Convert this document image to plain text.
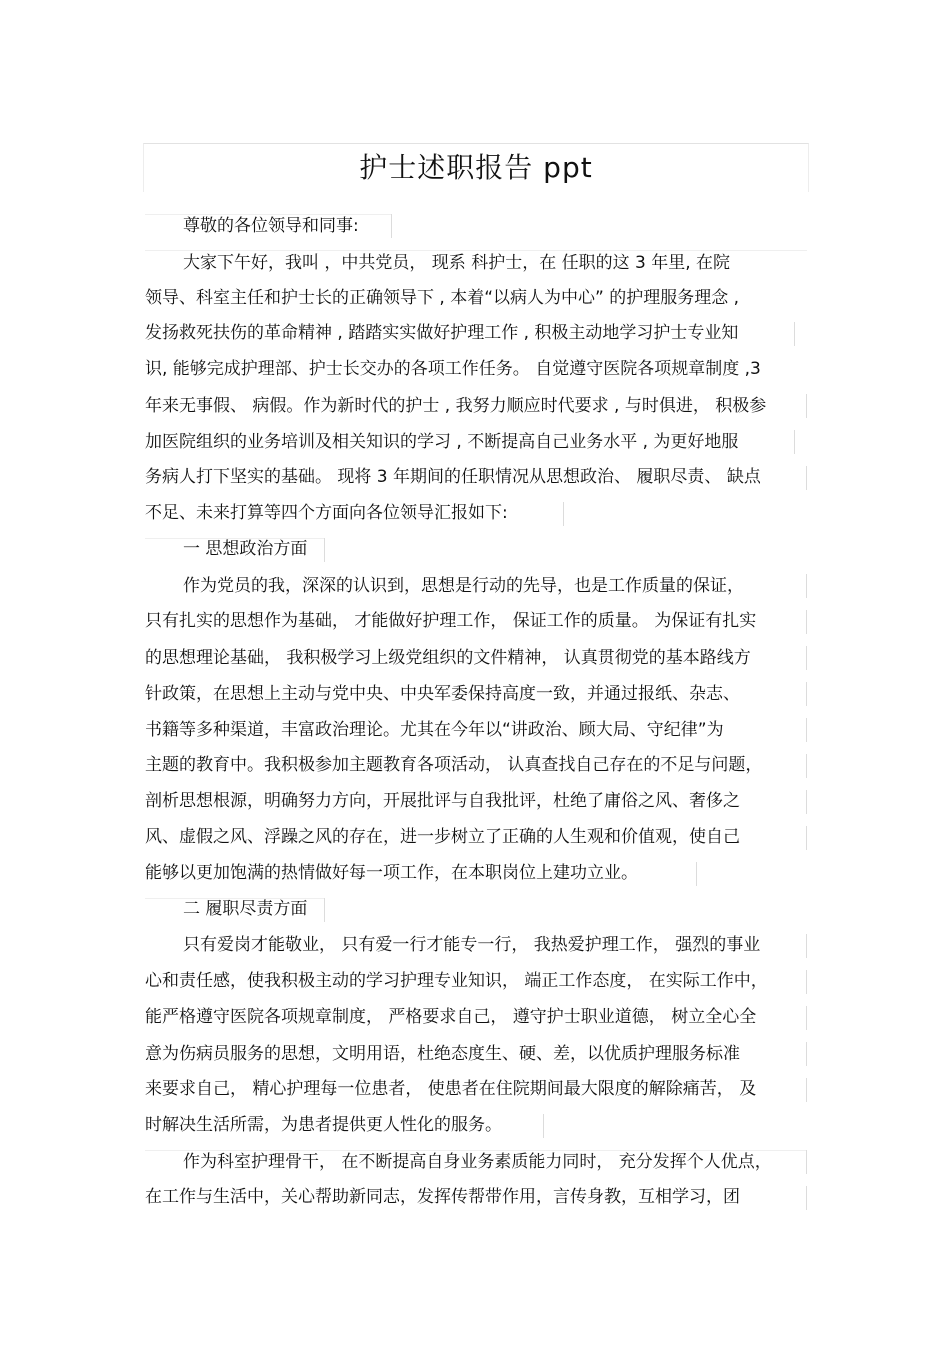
护士述职报告 ppt
尊敬的各位领导和同事:
大家下午好，我叫 ，中共党员， 现系 科护士，在 任职的这 3 年里, 在院
领导、科室主任和护士长的正确领导下 , 本着“以病人为中心” 的护理服务理念 ,
发扬救死扶伤的革命精神 , 踏踏实实做好护理工作 , 积极主动地学习护士专业知
识, 能够完成护理部、护士长交办的各项工作任务。 自觉遵守医院各项规章制度 ,3
年来无事假、 病假。作为新时代的护士 , 我努力顺应时代要求 , 与时俱进， 积极参
加医院组织的业务培训及相关知识的学习 , 不断提高自己业务水平 , 为更好地服
务病人打下坚实的基础。 现将 3 年期间的任职情况从思想政治、 履职尽责、 缺点
不足、未来打算等四个方面向各位领导汇报如下:
一 思想政治方面
作为党员的我，深深的认识到，思想是行动的先导，也是工作质量的保证，
只有扎实的思想作为基础， 才能做好护理工作， 保证工作的质量。 为保证有扎实
的思想理论基础， 我积极学习上级党组织的文件精神， 认真贯彻党的基本路线方
针政策，在思想上主动与党中央、中央军委保持高度一致，并通过报纸、杂志、
书籍等多种渠道，丰富政治理论。尤其在今年以“讲政治、顾大局、守纪律”为
主题的教育中。我积极参加主题教育各项活动， 认真查找自己存在的不足与问题，
剖析思想根源，明确努力方向，开展批评与自我批评，杜绝了庸俗之风、奢侈之
风、虚假之风、浮躁之风的存在，进一步树立了正确的人生观和价值观，使自己
能够以更加饱满的热情做好每一项工作，在本职岗位上建功立业。
二 履职尽责方面
只有爱岗才能敬业， 只有爱一行才能专一行， 我热爱护理工作， 强烈的事业
心和责任感，使我积极主动的学习护理专业知识， 端正工作态度， 在实际工作中，
能严格遵守医院各项规章制度， 严格要求自己， 遵守护士职业道德， 树立全心全
意为伤病员服务的思想，文明用语，杜绝态度生、硬、差，以优质护理服务标准
来要求自己， 精心护理每一位患者， 使患者在住院期间最大限度的解除痛苦， 及
时解决生活所需，为患者提供更人性化的服务。
作为科室护理骨干， 在不断提高自身业务素质能力同时， 充分发挥个人优点，
在工作与生活中，关心帮助新同志，发挥传帮带作用，言传身教，互相学习，团
